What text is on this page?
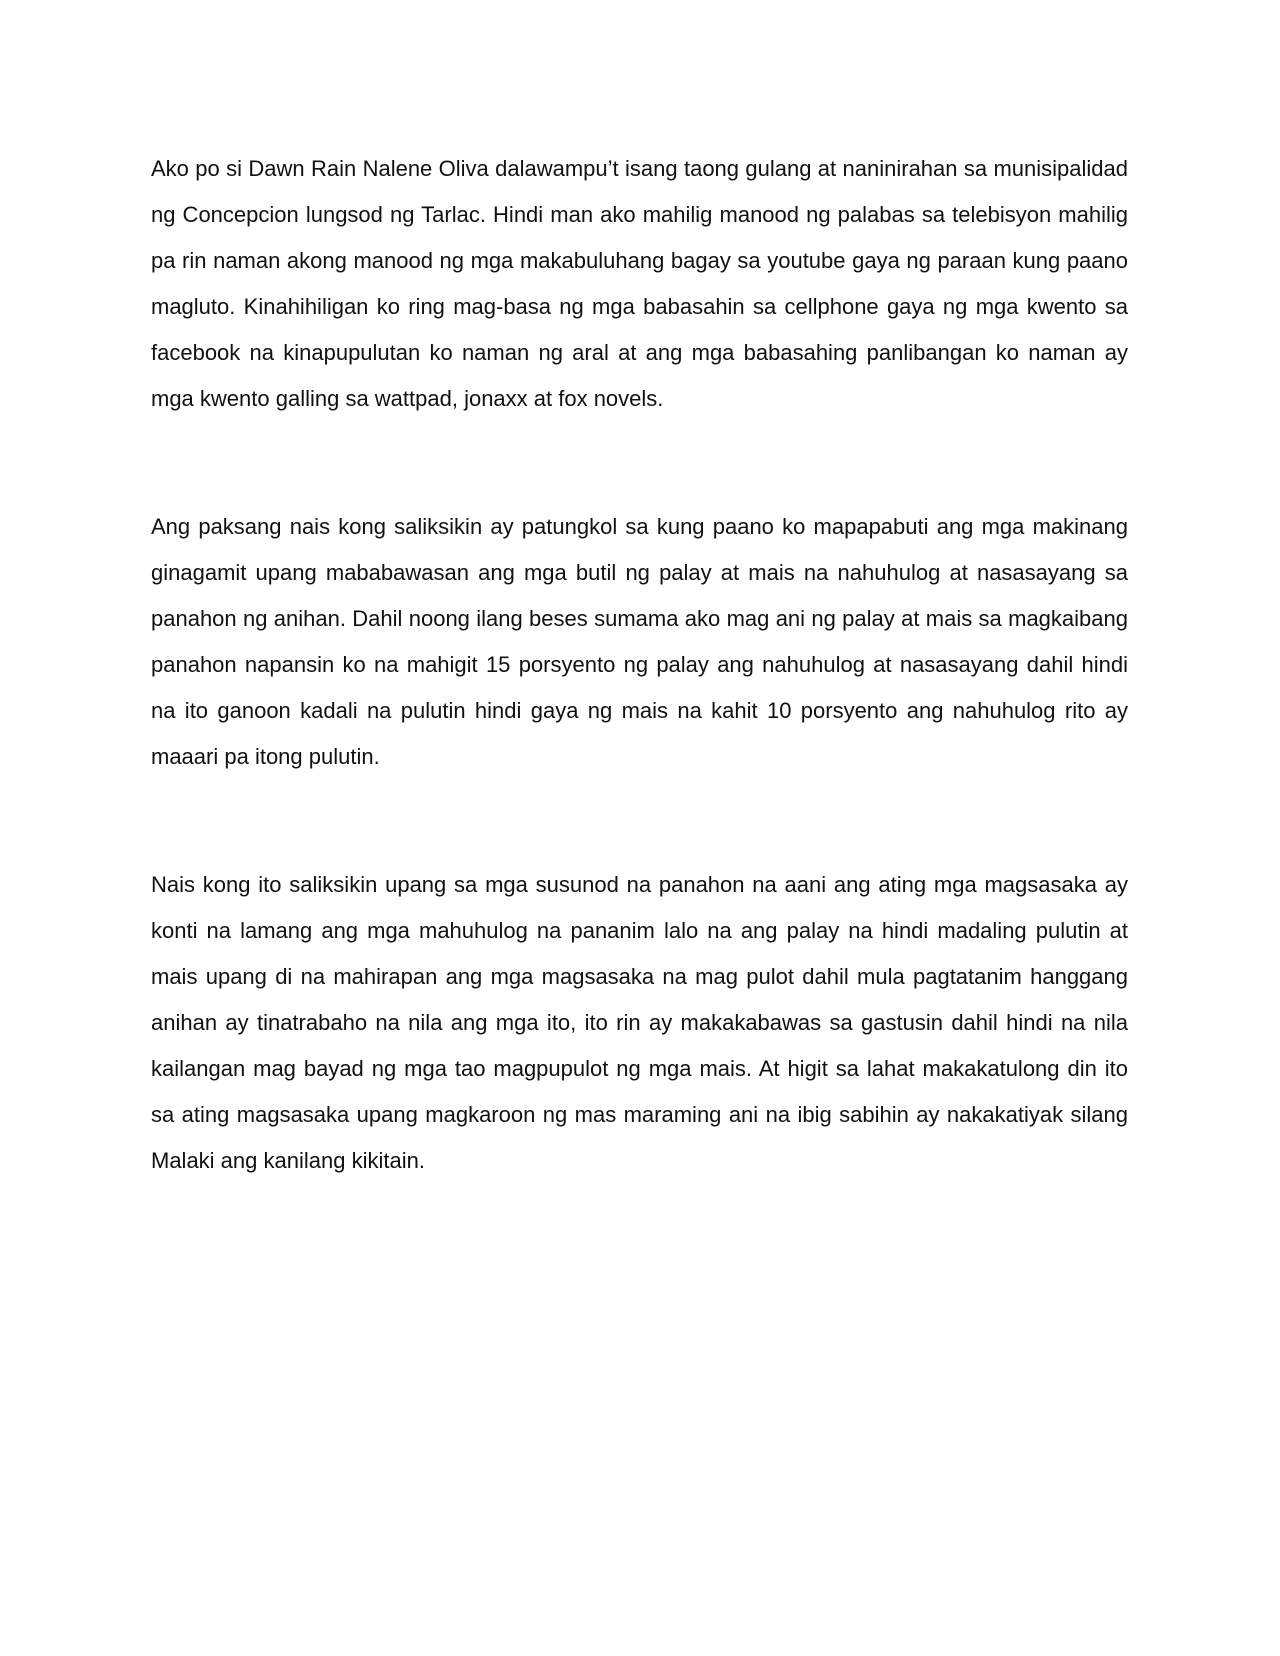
Ako po si Dawn Rain Nalene Oliva dalawampu’t isang taong gulang at naninirahan sa munisipalidad ng Concepcion lungsod ng Tarlac. Hindi man ako mahilig manood ng palabas sa telebisyon mahilig pa rin naman akong manood ng mga makabuluhang bagay sa youtube gaya ng paraan kung paano magluto. Kinahihiligan ko ring mag-basa ng mga babasahin sa cellphone gaya ng mga kwento sa facebook na kinapupulutan ko naman ng aral at ang mga babasahing panlibangan ko naman ay mga kwento galling sa wattpad, jonaxx at fox novels.

Ang paksang nais kong saliksikin ay patungkol sa kung paano ko mapapabuti ang mga makinang ginagamit upang mababawasan ang mga butil ng palay at mais na nahuhulog at nasasayang sa panahon ng anihan. Dahil noong ilang beses sumama ako mag ani ng palay at mais sa magkaibang panahon napansin ko na mahigit 15 porsyento ng palay ang nahuhulog at nasasayang dahil hindi na ito ganoon kadali na pulutin hindi gaya ng mais na kahit 10 porsyento ang nahuhulog rito ay maaari pa itong pulutin.

Nais kong ito saliksikin upang sa mga susunod na panahon na aani ang ating mga magsasaka ay konti na lamang ang mga mahuhulog na pananim lalo na ang palay na hindi madaling pulutin at mais upang di na mahirapan ang mga magsasaka na mag pulot dahil mula pagtatanim hanggang anihan ay tinatrabaho na nila ang mga ito, ito rin ay makakabawas sa gastusin dahil hindi na nila kailangan mag bayad ng mga tao magpupulot ng mga mais. At higit sa lahat makakatulong din ito sa ating magsasaka upang magkaroon ng mas maraming ani na ibig sabihin ay nakakatiyak silang Malaki ang kanilang kikitain.
